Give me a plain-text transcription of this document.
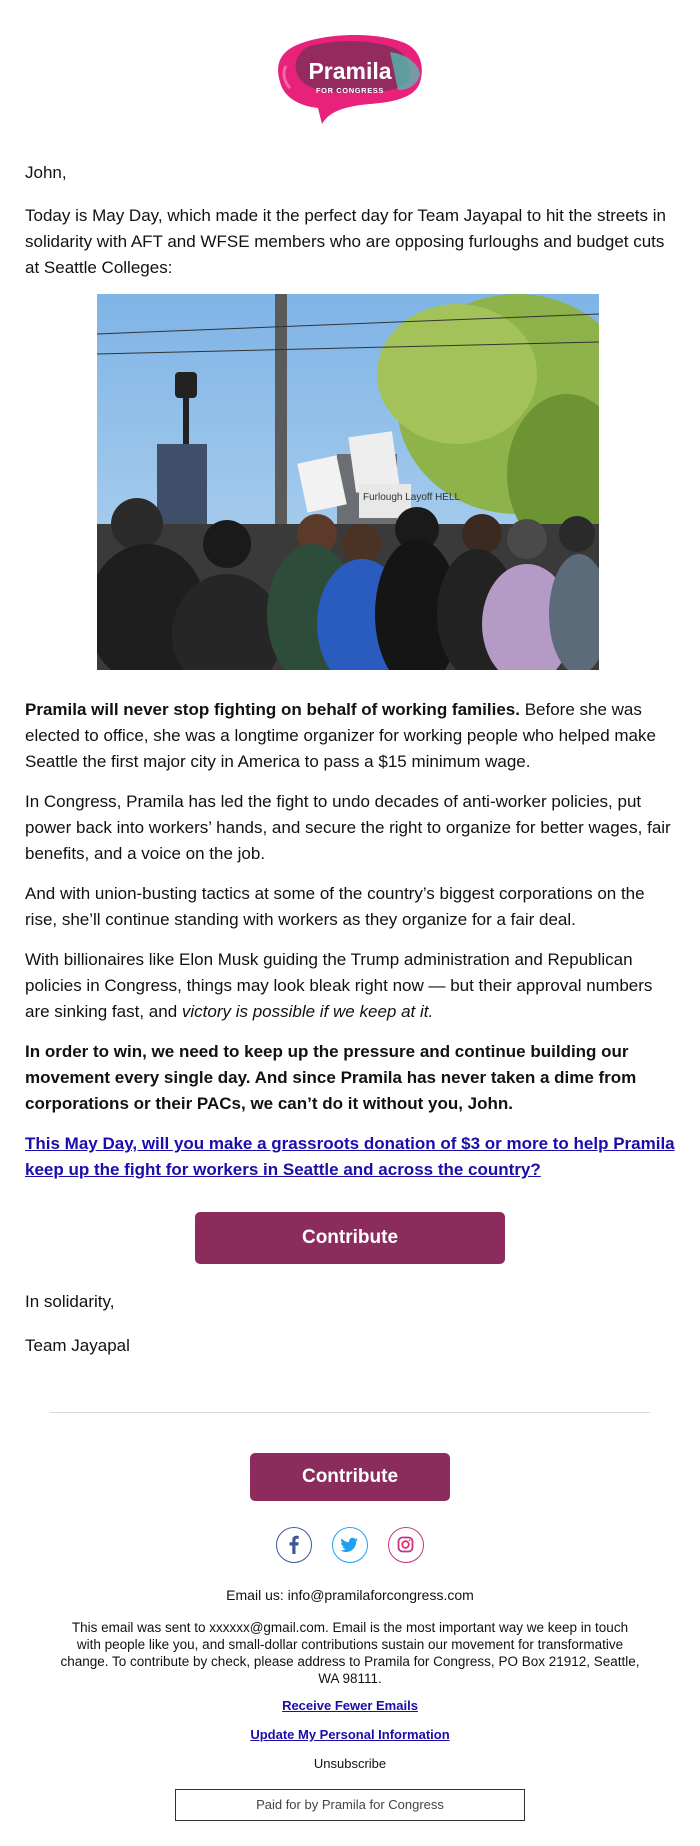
Pramila
FOR CONGRESS

John,

Today is May Day, which made it the perfect day for Team Jayapal to hit the streets in solidarity with AFT and WFSE members who are opposing furloughs and budget cuts at Seattle Colleges:

Furlough Layoff HELL

Pramila will never stop fighting on behalf of working families. Before she was elected to office, she was a longtime organizer for working people who helped make Seattle the first major city in America to pass a $15 minimum wage.

In Congress, Pramila has led the fight to undo decades of anti-worker policies, put power back into workers’ hands, and secure the right to organize for better wages, fair benefits, and a voice on the job.

And with union-busting tactics at some of the country’s biggest corporations on the rise, she’ll continue standing with workers as they organize for a fair deal.

With billionaires like Elon Musk guiding the Trump administration and Republican policies in Congress, things may look bleak right now — but their approval numbers are sinking fast, and victory is possible if we keep at it.

In order to win, we need to keep up the pressure and continue building our movement every single day. And since Pramila has never taken a dime from corporations or their PACs, we can’t do it without you, John.

This May Day, will you make a grassroots donation of $3 or more to help Pramila keep up the fight for workers in Seattle and across the country?

In solidarity,

Team Jayapal

Contribute
Contribute
Email us: info@pramilaforcongress.com
This email was sent to xxxxxx@gmail.com. Email is the most important way we keep in touch with people like you, and small-dollar contributions sustain our movement for transformative change. To contribute by check, please address to Pramila for Congress, PO Box 21912, Seattle, WA 98111.
Receive Fewer Emails
Update My Personal Information
Unsubscribe
Paid for by Pramila for Congress
